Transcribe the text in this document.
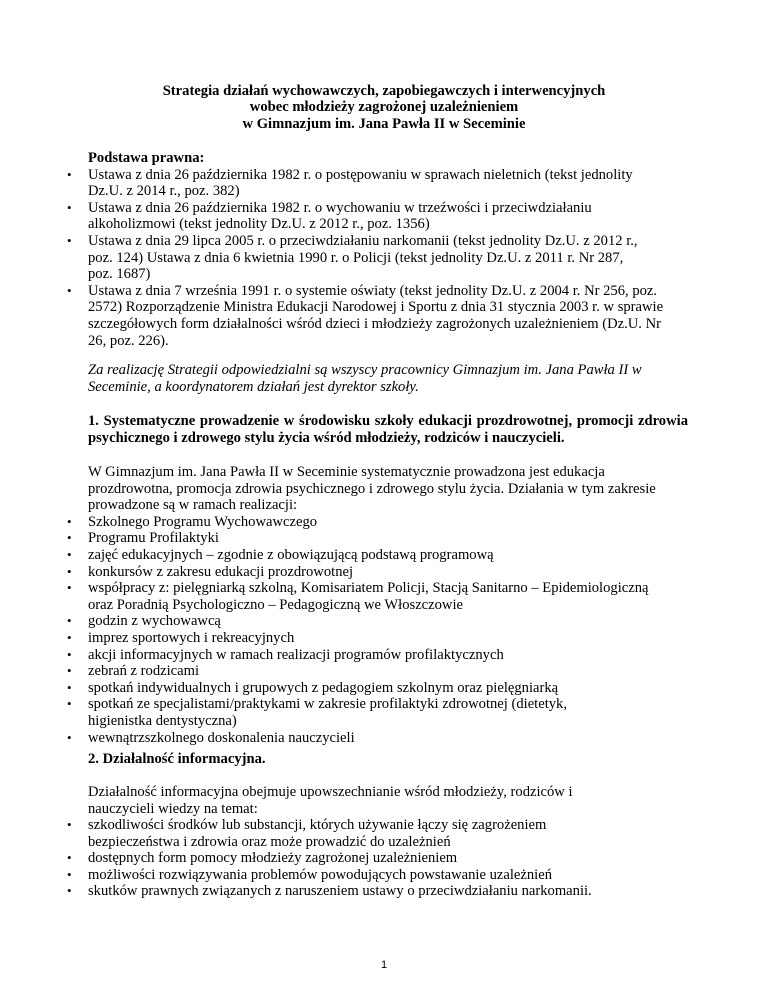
Strategia działań wychowawczych, zapobiegawczych i interwencyjnych
wobec młodzieży zagrożonej uzależnieniem
w Gimnazjum im. Jana Pawła II w Seceminie
Podstawa prawna:
• Ustawa z dnia 26 października 1982 r. o postępowaniu w sprawach nieletnich (tekst jednolity Dz.U. z 2014 r., poz. 382)
• Ustawa z dnia 26 października 1982 r. o wychowaniu w trzeźwości i przeciwdziałaniu alkoholizmowi (tekst jednolity Dz.U. z 2012 r., poz. 1356)
• Ustawa z dnia 29 lipca 2005 r. o przeciwdziałaniu narkomanii (tekst jednolity Dz.U. z 2012 r., poz. 124) Ustawa z dnia 6 kwietnia 1990 r. o Policji (tekst jednolity Dz.U. z 2011 r. Nr 287, poz. 1687)
• Ustawa z dnia 7 września 1991 r. o systemie oświaty (tekst jednolity Dz.U. z 2004 r. Nr 256, poz. 2572) Rozporządzenie Ministra Edukacji Narodowej i Sportu z dnia 31 stycznia 2003 r. w sprawie szczegółowych form działalności wśród dzieci i młodzieży zagrożonych uzależnieniem (Dz.U. Nr 26, poz. 226).
Za realizację Strategii odpowiedzialni są wszyscy pracownicy Gimnazjum im. Jana Pawła II w Seceminie, a koordynatorem działań jest dyrektor szkoły.
1. Systematyczne prowadzenie w środowisku szkoły edukacji prozdrowotnej, promocji zdrowia psychicznego i zdrowego stylu życia wśród młodzieży, rodziców i nauczycieli.
W Gimnazjum im. Jana Pawła II w Seceminie systematycznie prowadzona jest edukacja prozdrowotna, promocja zdrowia psychicznego i zdrowego stylu życia. Działania w tym zakresie prowadzone są w ramach realizacji:
• Szkolnego Programu Wychowawczego
• Programu Profilaktyki
• zajęć edukacyjnych – zgodnie z obowiązującą podstawą programową
• konkursów z zakresu edukacji prozdrowotnej
• współpracy z: pielęgniarką szkolną, Komisariatem Policji, Stacją Sanitarno – Epidemiologiczną oraz Poradnią Psychologiczno – Pedagogiczną we Włoszczowie
• godzin z wychowawcą
• imprez sportowych i rekreacyjnych
• akcji informacyjnych w ramach realizacji programów profilaktycznych
• zebrań z rodzicami
• spotkań indywidualnych i grupowych z pedagogiem szkolnym oraz pielęgniarką
• spotkań ze specjalistami/praktykami w zakresie profilaktyki zdrowotnej (dietetyk, higienistka dentystyczna)
• wewnątrzszkolnego doskonalenia nauczycieli
2. Działalność informacyjna.
Działalność informacyjna obejmuje upowszechnianie wśród młodzieży, rodziców i nauczycieli wiedzy na temat:
• szkodliwości środków lub substancji, których używanie łączy się zagrożeniem bezpieczeństwa i zdrowia oraz może prowadzić do uzależnień
• dostępnych form pomocy młodzieży zagrożonej uzależnieniem
• możliwości rozwiązywania problemów powodujących powstawanie uzależnień
• skutków prawnych związanych z naruszeniem ustawy o przeciwdziałaniu narkomanii.
1
